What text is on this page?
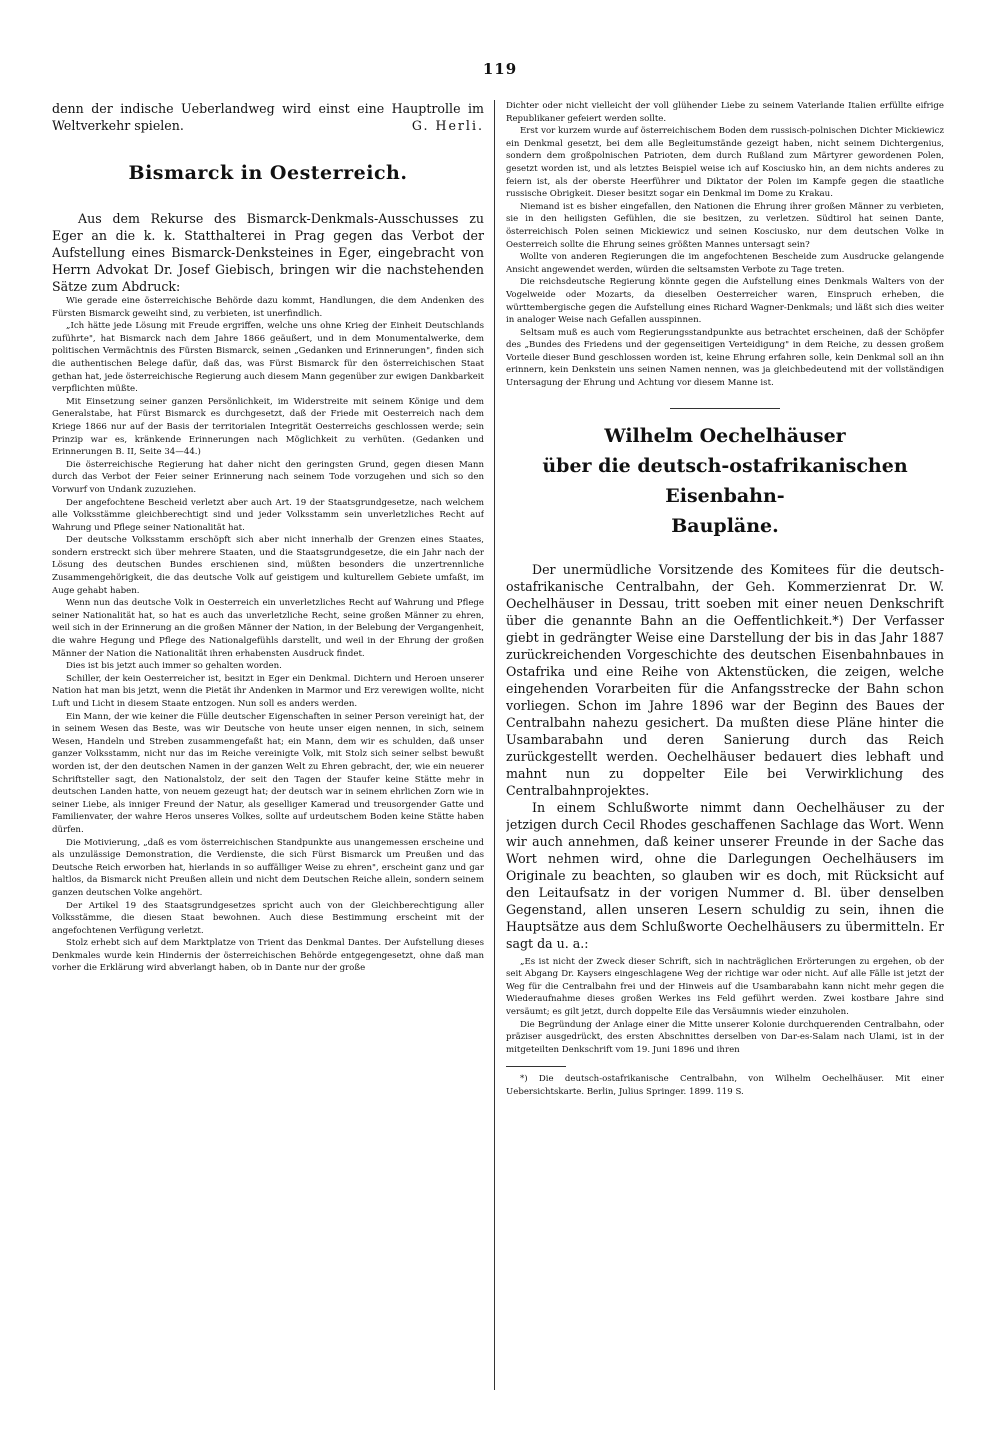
119

denn der indische Ueberlandweg wird einst eine Hauptrolle im Weltverkehr spielen.	G. Herli.

Bismarck in Oesterreich.

Aus dem Rekurse des Bismarck-Denkmals-Ausschusses zu Eger an die k. k. Statthalterei in Prag gegen das Verbot der Aufstellung eines Bismarck-Denksteines in Eger, eingebracht von Herrn Advokat Dr. Josef Giebisch, bringen wir die nachstehenden Sätze zum Abdruck:

Wie gerade eine österreichische Behörde dazu kommt, Handlungen, die dem Andenken des Fürsten Bismarck geweiht sind, zu verbieten, ist unerfindlich.

„Ich hätte jede Lösung mit Freude ergriffen, welche uns ohne Krieg der Einheit Deutschlands zuführte", hat Bismarck nach dem Jahre 1866 geäußert, und in dem Monumentalwerke, dem politischen Vermächtnis des Fürsten Bismarck, seinen „Gedanken und Erinnerungen", finden sich die authentischen Belege dafür, daß das, was Fürst Bismarck für den österreichischen Staat gethan hat, jede österreichische Regierung auch diesem Mann gegenüber zur ewigen Dankbarkeit verpflichten müßte.

Mit Einsetzung seiner ganzen Persönlichkeit, im Widerstreite mit seinem Könige und dem Generalstabe, hat Fürst Bismarck es durchgesetzt, daß der Friede mit Oesterreich nach dem Kriege 1866 nur auf der Basis der territorialen Integrität Oesterreichs geschlossen werde; sein Prinzip war es, kränkende Erinnerungen nach Möglichkeit zu verhüten. (Gedanken und Erinnerungen B. II, Seite 34—44.)

Die österreichische Regierung hat daher nicht den geringsten Grund, gegen diesen Mann durch das Verbot der Feier seiner Erinnerung nach seinem Tode vorzugehen und sich so den Vorwurf von Undank zuzuziehen.

Der angefochtene Bescheid verletzt aber auch Art. 19 der Staatsgrundgesetze, nach welchem alle Volksstämme gleichberechtigt sind und jeder Volksstamm sein unverletzliches Recht auf Wahrung und Pflege seiner Nationalität hat.

Der deutsche Volksstamm erschöpft sich aber nicht innerhalb der Grenzen eines Staates, sondern erstreckt sich über mehrere Staaten, und die Staatsgrundgesetze, die ein Jahr nach der Lösung des deutschen Bundes erschienen sind, müßten besonders die unzertrennliche Zusammengehörigkeit, die das deutsche Volk auf geistigem und kulturellem Gebiete umfaßt, im Auge gehabt haben.

Wenn nun das deutsche Volk in Oesterreich ein unverletzliches Recht auf Wahrung und Pflege seiner Nationalität hat, so hat es auch das unverletzliche Recht, seine großen Männer zu ehren, weil sich in der Erinnerung an die großen Männer der Nation, in der Belebung der Vergangenheit, die wahre Hegung und Pflege des Nationalgefühls darstellt, und weil in der Ehrung der großen Männer der Nation die Nationalität ihren erhabensten Ausdruck findet.

Dies ist bis jetzt auch immer so gehalten worden.

Schiller, der kein Oesterreicher ist, besitzt in Eger ein Denkmal. Dichtern und Heroen unserer Nation hat man bis jetzt, wenn die Pietät ihr Andenken in Marmor und Erz verewigen wollte, nicht Luft und Licht in diesem Staate entzogen. Nun soll es anders werden.

Ein Mann, der wie keiner die Fülle deutscher Eigenschaften in seiner Person vereinigt hat, der in seinem Wesen das Beste, was wir Deutsche von heute unser eigen nennen, in sich, seinem Wesen, Handeln und Streben zusammengefaßt hat; ein Mann, dem wir es schulden, daß unser ganzer Volksstamm, nicht nur das im Reiche vereinigte Volk, mit Stolz sich seiner selbst bewußt worden ist, der den deutschen Namen in der ganzen Welt zu Ehren gebracht, der, wie ein neuerer Schriftsteller sagt, den Nationalstolz, der seit den Tagen der Staufer keine Stätte mehr in deutschen Landen hatte, von neuem gezeugt hat; der deutsch war in seinem ehrlichen Zorn wie in seiner Liebe, als inniger Freund der Natur, als geselliger Kamerad und treusorgender Gatte und Familienvater, der wahre Heros unseres Volkes, sollte auf urdeutschem Boden keine Stätte haben dürfen.

Die Motivierung, „daß es vom österreichischen Standpunkte aus unangemessen erscheine und als unzulässige Demonstration, die Verdienste, die sich Fürst Bismarck um Preußen und das Deutsche Reich erworben hat, hierlands in so auffälliger Weise zu ehren", erscheint ganz und gar haltlos, da Bismarck nicht Preußen allein und nicht dem Deutschen Reiche allein, sondern seinem ganzen deutschen Volke angehört.

Der Artikel 19 des Staatsgrundgesetzes spricht auch von der Gleichberechtigung aller Volksstämme, die diesen Staat bewohnen. Auch diese Bestimmung erscheint mit der angefochtenen Verfügung verletzt.

Stolz erhebt sich auf dem Marktplatze von Trient das Denkmal Dantes. Der Aufstellung dieses Denkmales wurde kein Hindernis der österreichischen Behörde entgegengesetzt, ohne daß man vorher die Erklärung wird abverlangt haben, ob in Dante nur der große

Dichter oder nicht vielleicht der voll glühender Liebe zu seinem Vaterlande Italien erfüllte eifrige Republikaner gefeiert werden sollte.

Erst vor kurzem wurde auf österreichischem Boden dem russisch-polnischen Dichter Mickiewicz ein Denkmal gesetzt, bei dem alle Begleitumstände gezeigt haben, nicht seinem Dichtergenius, sondern dem großpolnischen Patrioten, dem durch Rußland zum Märtyrer gewordenen Polen, gesetzt worden ist, und als letztes Beispiel weise ich auf Kosciusko hin, an dem nichts anderes zu feiern ist, als der oberste Heerführer und Diktator der Polen im Kampfe gegen die staatliche russische Obrigkeit. Dieser besitzt sogar ein Denkmal im Dome zu Krakau.

Niemand ist es bisher eingefallen, den Nationen die Ehrung ihrer großen Männer zu verbieten, sie in den heiligsten Gefühlen, die sie besitzen, zu verletzen. Südtirol hat seinen Dante, österreichisch Polen seinen Mickiewicz und seinen Kosciusko, nur dem deutschen Volke in Oesterreich sollte die Ehrung seines größten Mannes untersagt sein?

Wollte von anderen Regierungen die im angefochtenen Bescheide zum Ausdrucke gelangende Ansicht angewendet werden, würden die seltsamsten Verbote zu Tage treten.

Die reichsdeutsche Regierung könnte gegen die Aufstellung eines Denkmals Walters von der Vogelweide oder Mozarts, da dieselben Oesterreicher waren, Einspruch erheben, die württembergische gegen die Aufstellung eines Richard Wagner-Denkmals; und läßt sich dies weiter in analoger Weise nach Gefallen ausspinnen.

Seltsam muß es auch vom Regierungsstandpunkte aus betrachtet erscheinen, daß der Schöpfer des „Bundes des Friedens und der gegenseitigen Verteidigung" in dem Reiche, zu dessen großem Vorteile dieser Bund geschlossen worden ist, keine Ehrung erfahren solle, kein Denkmal soll an ihn erinnern, kein Denkstein uns seinen Namen nennen, was ja gleichbedeutend mit der vollständigen Untersagung der Ehrung und Achtung vor diesem Manne ist.

Wilhelm Oechelhäuser
über die deutsch-ostafrikanischen Eisenbahn-
Baupläne.

Der unermüdliche Vorsitzende des Komitees für die deutsch-ostafrikanische Centralbahn, der Geh. Kommerzienrat Dr. W. Oechelhäuser in Dessau, tritt soeben mit einer neuen Denkschrift über die genannte Bahn an die Oeffentlichkeit.*) Der Verfasser giebt in gedrängter Weise eine Darstellung der bis in das Jahr 1887 zurückreichenden Vorgeschichte des deutschen Eisenbahnbaues in Ostafrika und eine Reihe von Aktenstücken, die zeigen, welche eingehenden Vorarbeiten für die Anfangsstrecke der Bahn schon vorliegen. Schon im Jahre 1896 war der Beginn des Baues der Centralbahn nahezu gesichert. Da mußten diese Pläne hinter die Usambarabahn und deren Sanierung durch das Reich zurückgestellt werden. Oechelhäuser bedauert dies lebhaft und mahnt nun zu doppelter Eile bei Verwirklichung des Centralbahnprojektes.

In einem Schlußworte nimmt dann Oechelhäuser zu der jetzigen durch Cecil Rhodes geschaffenen Sachlage das Wort. Wenn wir auch annehmen, daß keiner unserer Freunde in der Sache das Wort nehmen wird, ohne die Darlegungen Oechelhäusers im Originale zu beachten, so glauben wir es doch, mit Rücksicht auf den Leitaufsatz in der vorigen Nummer d. Bl. über denselben Gegenstand, allen unseren Lesern schuldig zu sein, ihnen die Hauptsätze aus dem Schlußworte Oechelhäusers zu übermitteln. Er sagt da u. a.:

„Es ist nicht der Zweck dieser Schrift, sich in nachträglichen Erörterungen zu ergehen, ob der seit Abgang Dr. Kaysers eingeschlagene Weg der richtige war oder nicht. Auf alle Fälle ist jetzt der Weg für die Centralbahn frei und der Hinweis auf die Usambarabahn kann nicht mehr gegen die Wiederaufnahme dieses großen Werkes ins Feld geführt werden. Zwei kostbare Jahre sind versäumt; es gilt jetzt, durch doppelte Eile das Versäumnis wieder einzuholen.

Die Begründung der Anlage einer die Mitte unserer Kolonie durchquerenden Centralbahn, oder präziser ausgedrückt, des ersten Abschnittes derselben von Dar-es-Salam nach Ulami, ist in der mitgeteilten Denkschrift vom 19. Juni 1896 und ihren

*) Die deutsch-ostafrikanische Centralbahn, von Wilhelm Oechelhäuser. Mit einer Uebersichtskarte. Berlin, Julius Springer. 1899. 119 S.
